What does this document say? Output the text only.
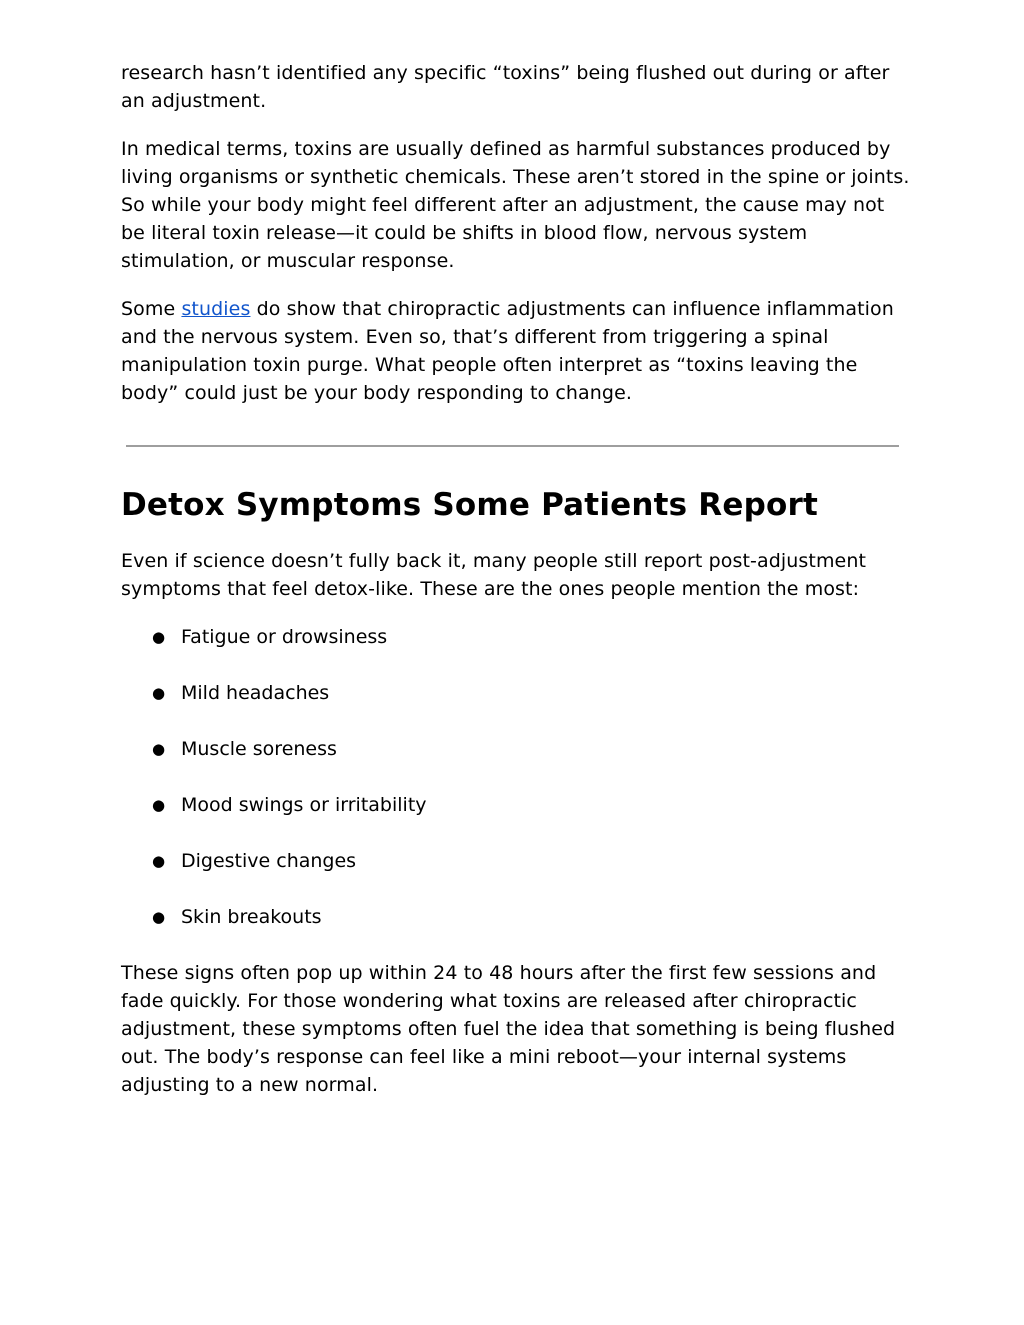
research hasn’t identified any specific “toxins” being flushed out during or after an adjustment.

In medical terms, toxins are usually defined as harmful substances produced by living organisms or synthetic chemicals. These aren’t stored in the spine or joints. So while your body might feel different after an adjustment, the cause may not be literal toxin release—it could be shifts in blood flow, nervous system stimulation, or muscular response.

Some studies do show that chiropractic adjustments can influence inflammation and the nervous system. Even so, that’s different from triggering a spinal manipulation toxin purge. What people often interpret as “toxins leaving the body” could just be your body responding to change.

Detox Symptoms Some Patients Report

Even if science doesn’t fully back it, many people still report post-adjustment symptoms that feel detox-like. These are the ones people mention the most:

● Fatigue or drowsiness
● Mild headaches
● Muscle soreness
● Mood swings or irritability
● Digestive changes
● Skin breakouts

These signs often pop up within 24 to 48 hours after the first few sessions and fade quickly. For those wondering what toxins are released after chiropractic adjustment, these symptoms often fuel the idea that something is being flushed out. The body’s response can feel like a mini reboot—your internal systems adjusting to a new normal.
